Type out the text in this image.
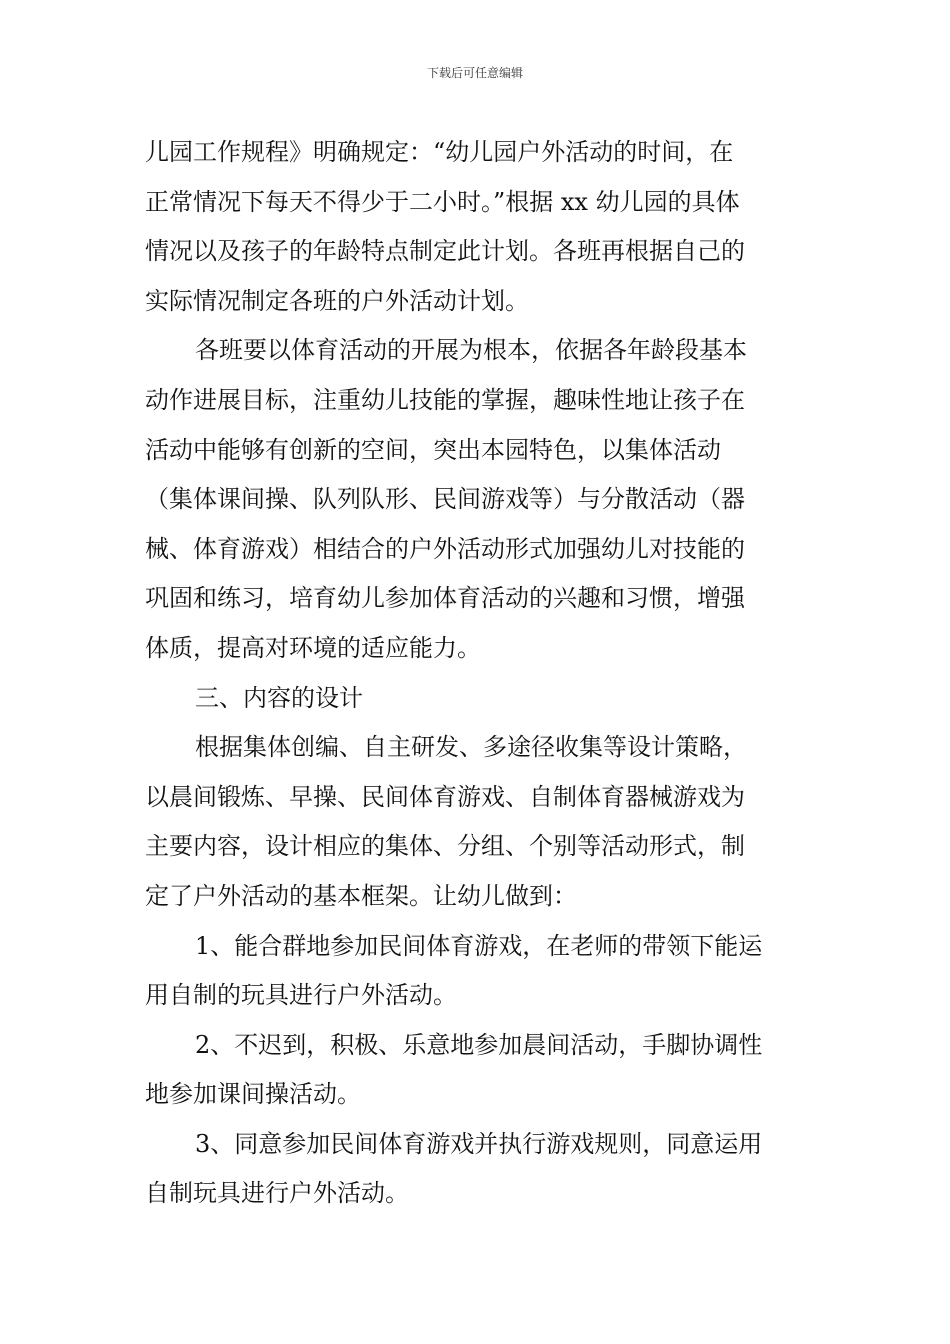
下载后可任意编辑
儿园工作规程》明确规定：“幼儿园户外活动的时间，在
正常情况下每天不得少于二小时。”根据 xx 幼儿园的具体
情况以及孩子的年龄特点制定此计划。各班再根据自己的
实际情况制定各班的户外活动计划。
各班要以体育活动的开展为根本，依据各年龄段基本
动作进展目标，注重幼儿技能的掌握，趣味性地让孩子在
活动中能够有创新的空间，突出本园特色，以集体活动
（集体课间操、队列队形、民间游戏等）与分散活动（器
械、体育游戏）相结合的户外活动形式加强幼儿对技能的
巩固和练习，培育幼儿参加体育活动的兴趣和习惯，增强
体质，提高对环境的适应能力。
三、内容的设计
根据集体创编、自主研发、多途径收集等设计策略，
以晨间锻炼、早操、民间体育游戏、自制体育器械游戏为
主要内容，设计相应的集体、分组、个别等活动形式，制
定了户外活动的基本框架。让幼儿做到：
1、能合群地参加民间体育游戏，在老师的带领下能运
用自制的玩具进行户外活动。
2、不迟到，积极、乐意地参加晨间活动，手脚协调性
地参加课间操活动。
3、同意参加民间体育游戏并执行游戏规则，同意运用
自制玩具进行户外活动。
